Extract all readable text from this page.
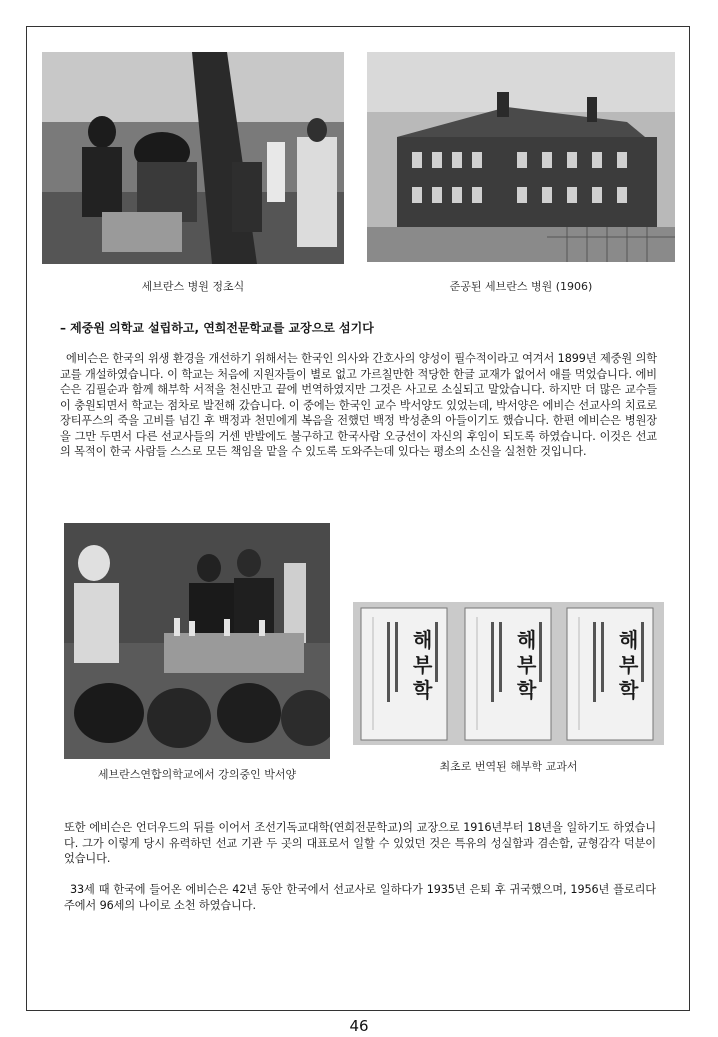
세브란스 병원 정초식	준공된 세브란스 병원 (1906)
– 제중원 의학교 설립하고, 연희전문학교를 교장으로 섬기다

에비슨은 한국의 위생 환경을 개선하기 위해서는 한국인 의사와 간호사의 양성이 필수적이라고 여겨서 1899년 제중원 의학교를 개설하였습니다. 이 학교는 처음에 지원자들이 별로 없고 가르칠만한 적당한 한글 교재가 없어서 애를 먹었습니다. 에비슨은 김필순과 함께 해부학 서적을 천신만고 끝에 번역하였지만 그것은 사고로 소실되고 말았습니다. 하지만 더 많은 교수들이 충원되면서 학교는 점차로 발전해 갔습니다. 이 중에는 한국인 교수 박서양도 있었는데, 박서양은 에비슨 선교사의 치료로 장티푸스의 죽을 고비를 넘긴 후 백정과 천민에게 복음을 전했던 백정 박성춘의 아들이기도 했습니다. 한편 에비슨은 병원장을 그만 두면서 다른 선교사들의 거센 반발에도 불구하고 한국사람 오긍선이 자신의 후임이 되도록 하였습니다. 이것은 선교의 목적이 한국 사람들 스스로 모든 책임을 맡을 수 있도록 도와주는데 있다는 평소의 소신을 실천한 것입니다.

세브란스연합의학교에서 강의중인 박서양
해
부
학
해
부
학
해
부
학
최초로 번역된 해부학 교과서

또한 에비슨은 언더우드의 뒤를 이어서 조선기독교대학(연희전문학교)의 교장으로 1916년부터 18년을 일하기도 하였습니다. 그가 이렇게 당시 유력하던 선교 기관 두 곳의 대표로서 일할 수 있었던 것은 특유의 성실함과 겸손함, 균형감각 덕분이었습니다.

33세 때 한국에 들어온 에비슨은 42년 동안 한국에서 선교사로 일하다가 1935년 은퇴 후 귀국했으며, 1956년 플로리다 주에서 96세의 나이로 소천 하였습니다.

46
